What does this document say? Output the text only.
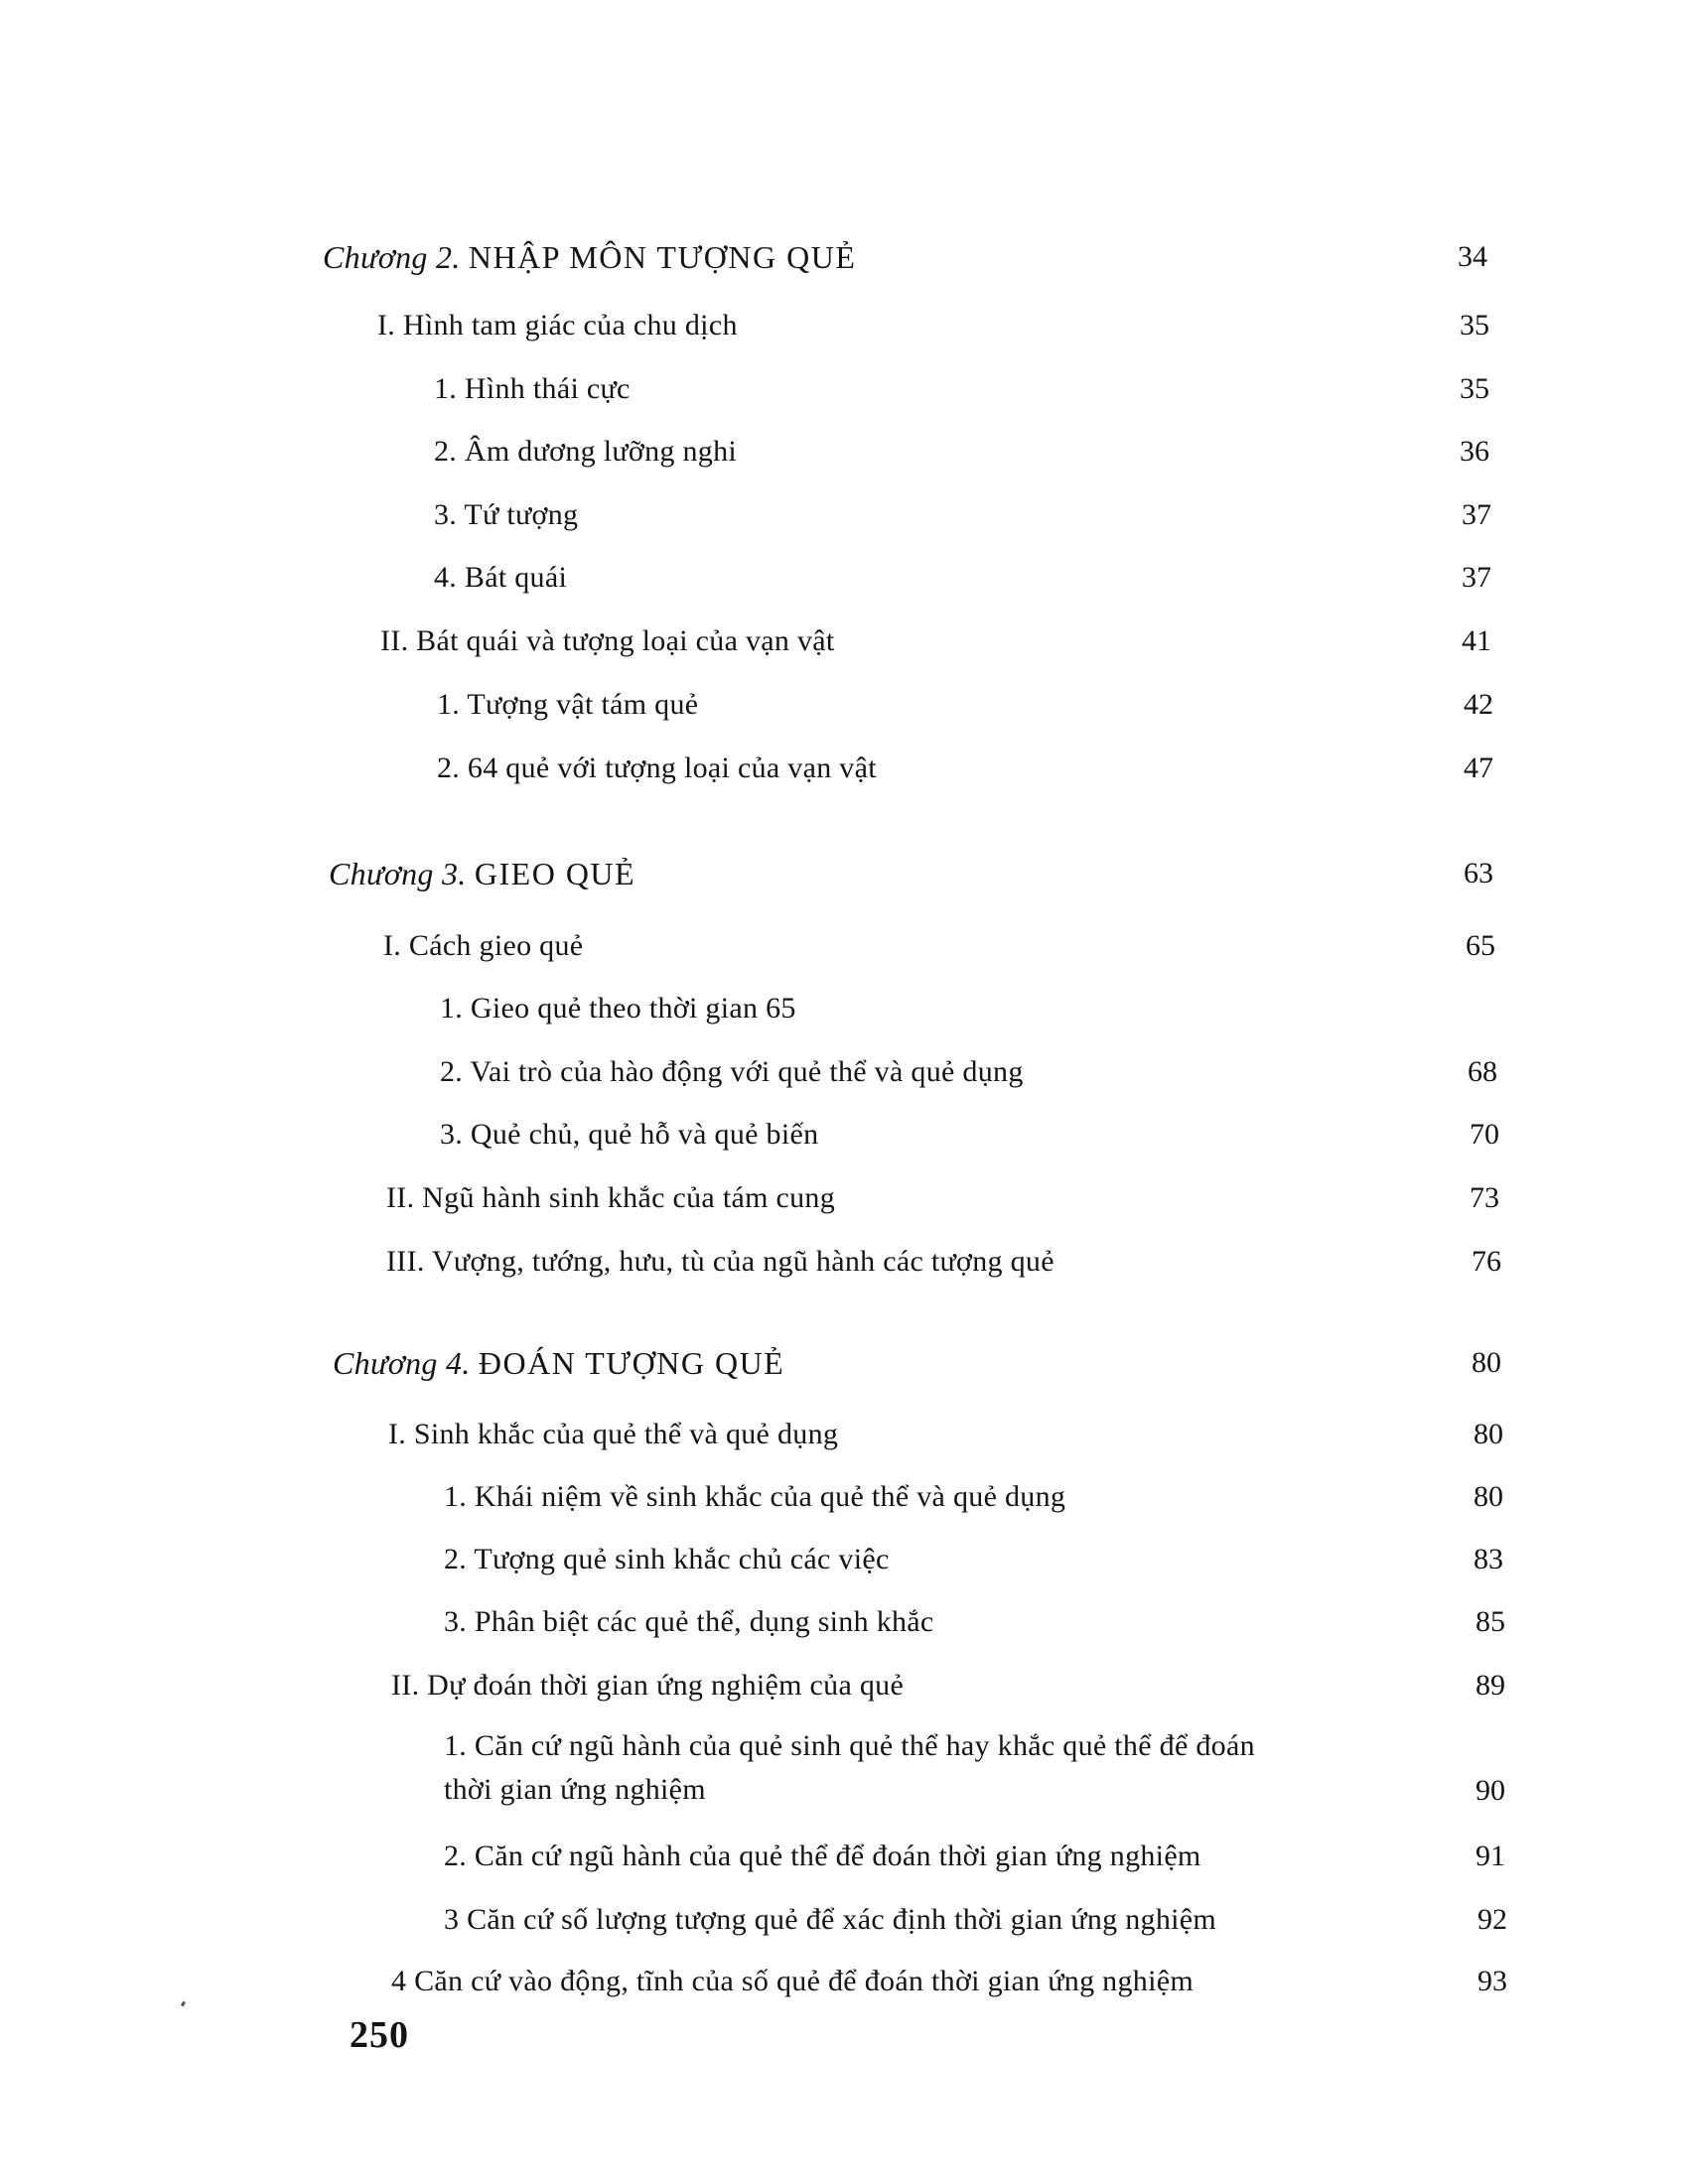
Chương 2. NHẬP MÔN TƯỢNG QUẺ	34
I. Hình tam giác của chu dịch	35
1. Hình thái cực	35
2. Âm dương lưỡng nghi	36
3. Tứ tượng	37
4. Bát quái	37
II. Bát quái và tượng loại của vạn vật	41
1. Tượng vật tám quẻ	42
2. 64 quẻ với tượng loại của vạn vật	47
Chương 3. GIEO QUẺ	63
I. Cách gieo quẻ	65
1. Gieo quẻ theo thời gian 65
2. Vai trò của hào động với quẻ thể và quẻ dụng	68
3. Quẻ chủ, quẻ hỗ và quẻ biến	70
II. Ngũ hành sinh khắc của tám cung	73
III. Vượng, tướng, hưu, tù của ngũ hành các tượng quẻ	76
Chương 4. ĐOÁN TƯỢNG QUẺ	80
I. Sinh khắc của quẻ thể và quẻ dụng	80
1. Khái niệm về sinh khắc của quẻ thể và quẻ dụng	80
2. Tượng quẻ sinh khắc chủ các việc	83
3. Phân biệt các quẻ thể, dụng sinh khắc	85
II. Dự đoán thời gian ứng nghiệm của quẻ	89
1. Căn cứ ngũ hành của quẻ sinh quẻ thể hay khắc quẻ thể để đoán thời gian ứng nghiệm	90
2. Căn cứ ngũ hành của quẻ thể để đoán thời gian ứng nghiệm	91
3 Căn cứ số lượng tượng quẻ để xác định thời gian ứng nghiệm	92
4 Căn cứ vào động, tĩnh của số quẻ để đoán thời gian ứng nghiệm	93
250
